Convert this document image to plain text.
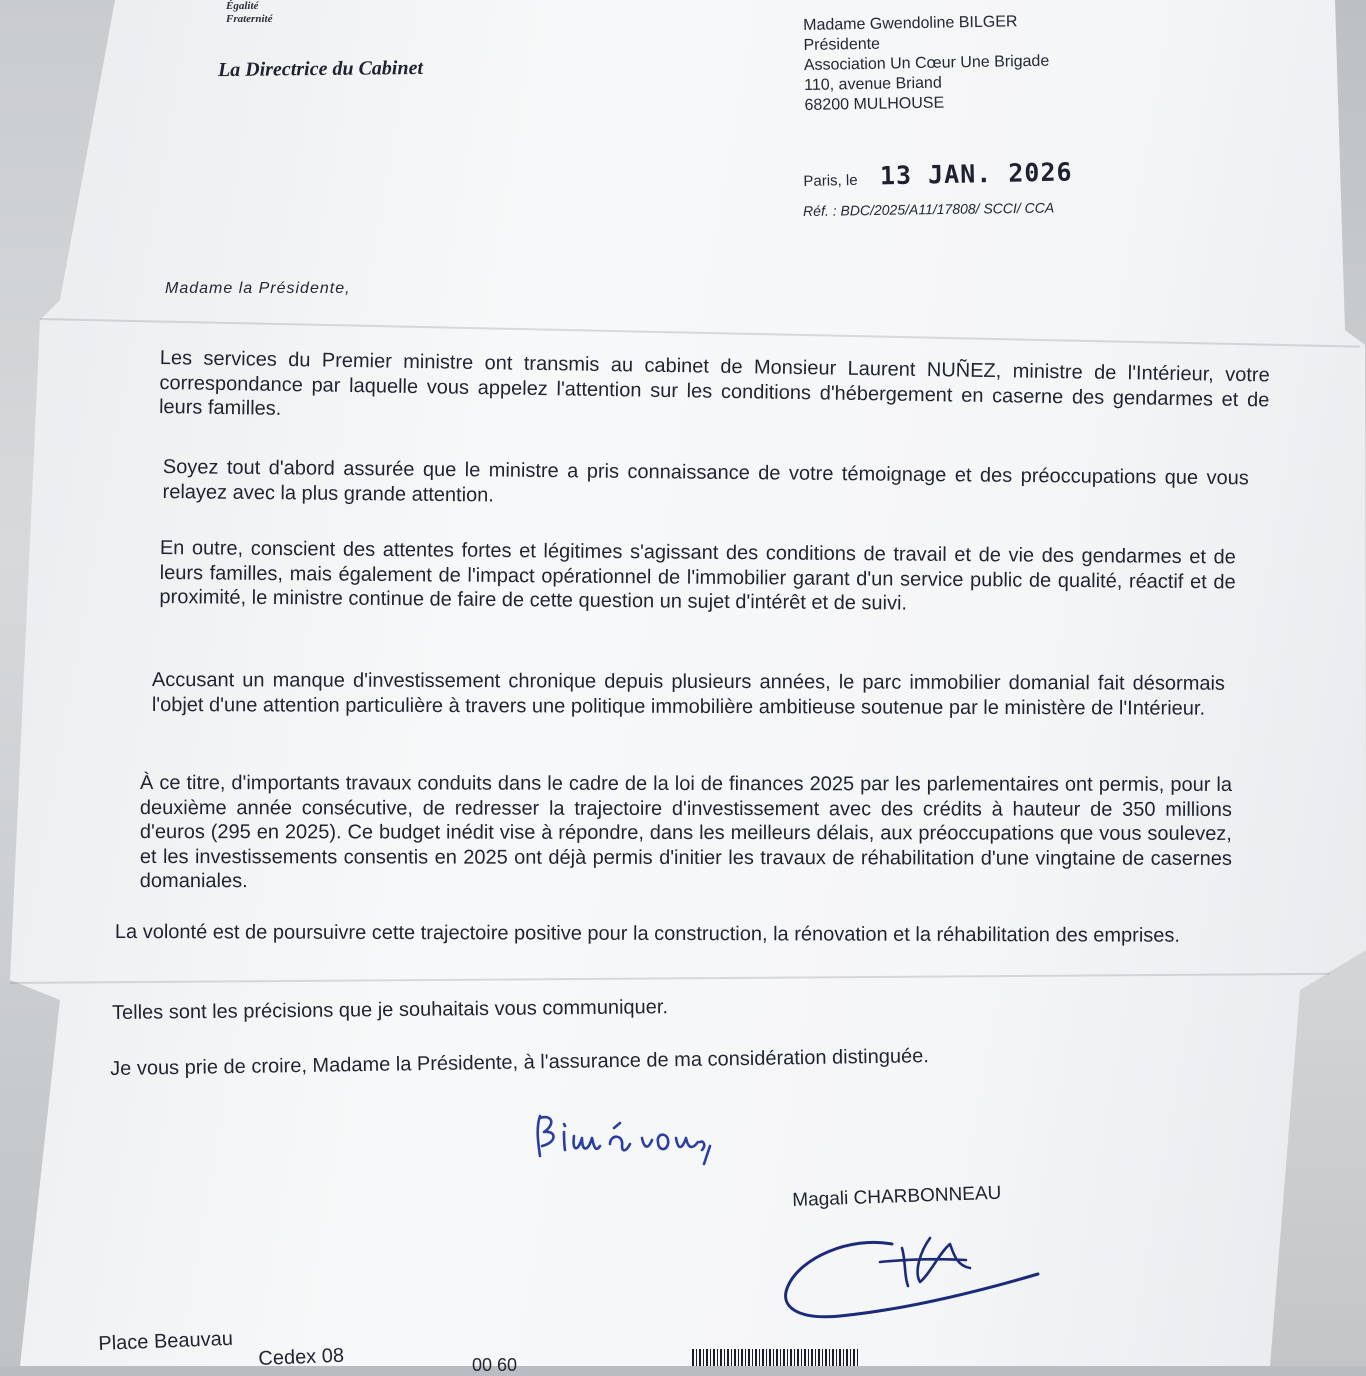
Égalité
Fraternité
La Directrice du Cabinet
Madame Gwendoline BILGER
Présidente
Association Un Cœur Une Brigade
110, avenue Briand
68200 MULHOUSE
Paris, le 13 JAN. 2026
Réf. : BDC/2025/A11/17808/ SCCI/ CCA
Madame la Présidente,
Les services du Premier ministre ont transmis au cabinet de Monsieur Laurent NUÑEZ, ministre de l'Intérieur, votre correspondance par laquelle vous appelez l'attention sur les conditions d'hébergement en caserne des gendarmes et de leurs familles.
Soyez tout d'abord assurée que le ministre a pris connaissance de votre témoignage et des préoccupations que vous relayez avec la plus grande attention.
En outre, conscient des attentes fortes et légitimes s'agissant des conditions de travail et de vie des gendarmes et de leurs familles, mais également de l'impact opérationnel de l'immobilier garant d'un service public de qualité, réactif et de proximité, le ministre continue de faire de cette question un sujet d'intérêt et de suivi.
Accusant un manque d'investissement chronique depuis plusieurs années, le parc immobilier domanial fait désormais l'objet d'une attention particulière à travers une politique immobilière ambitieuse soutenue par le ministère de l'Intérieur.
À ce titre, d'importants travaux conduits dans le cadre de la loi de finances 2025 par les parlementaires ont permis, pour la deuxième année consécutive, de redresser la trajectoire d'investissement avec des crédits à hauteur de 350 millions d'euros (295 en 2025). Ce budget inédit vise à répondre, dans les meilleurs délais, aux préoccupations que vous soulevez, et les investissements consentis en 2025 ont déjà permis d'initier les travaux de réhabilitation d'une vingtaine de casernes domaniales.
La volonté est de poursuivre cette trajectoire positive pour la construction, la rénovation et la réhabilitation des emprises.
Telles sont les précisions que je souhaitais vous communiquer.
Je vous prie de croire, Madame la Présidente, à l'assurance de ma considération distinguée.
Magali CHARBONNEAU
Place Beauvau
Cedex 08	00 60
